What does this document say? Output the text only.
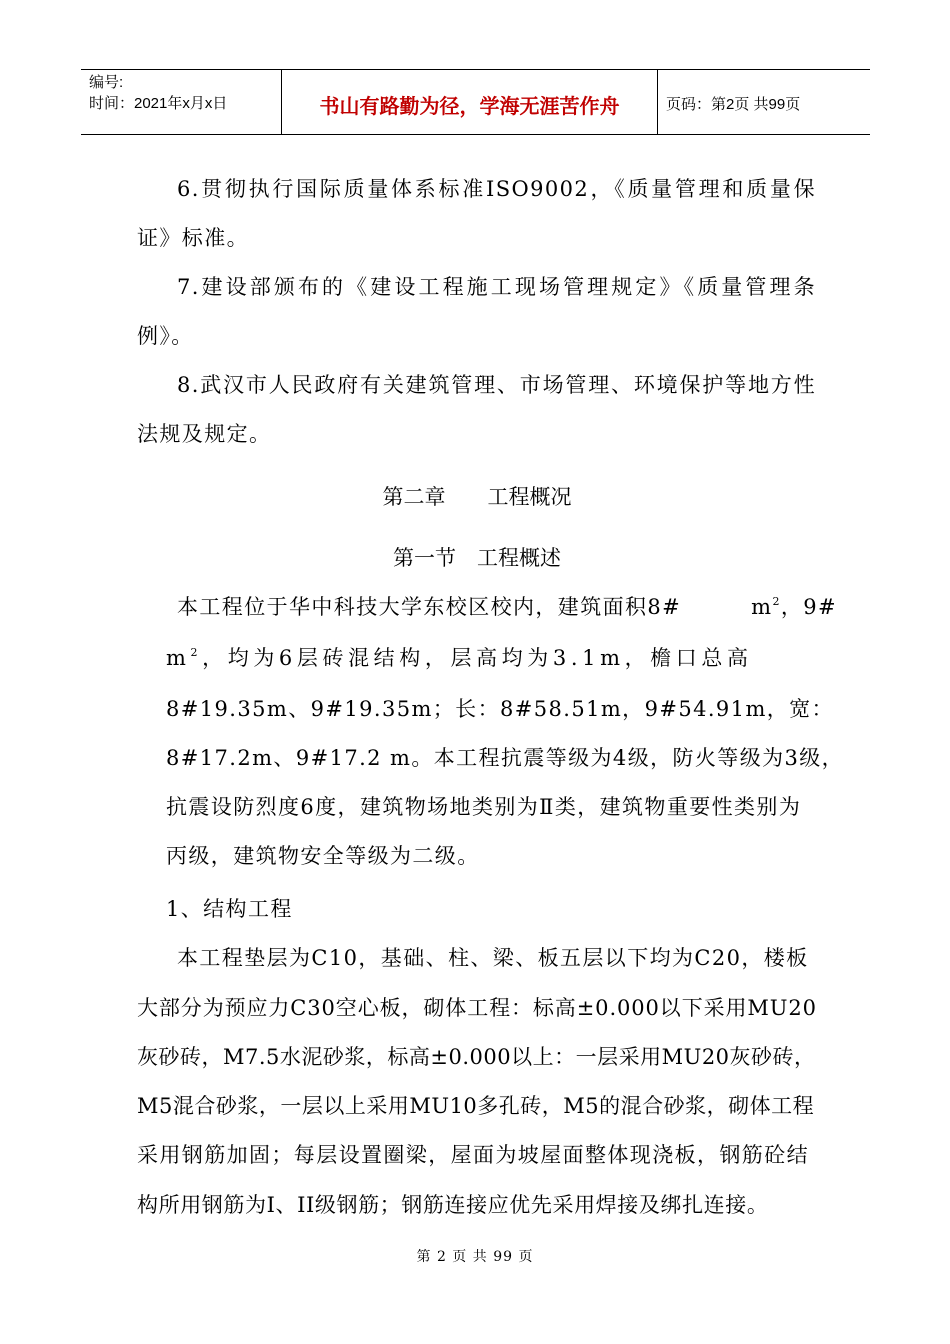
编号:
时间：2021年x月x日	书山有路勤为径，学海无涯苦作舟	页码：第2页 共99页
6.贯彻执行国际质量体系标准ISO9002，《质量管理和质量保
证》标准。
7.建设部颁布的《建设工程施工现场管理规定》《质量管理条
例》。
8.武汉市人民政府有关建筑管理、市场管理、环境保护等地方性
法规及规定。
第二章　　工程概况
第一节　工程概述
本工程位于华中科技大学东校区校内，建筑面积8#	$m^2$，9#
$m^2$，均为6层砖混结构，层高均为3.1m，檐口总高
8#19.35m、9#19.35m；长：8#58.51m，9#54.91m，宽：
8#17.2m、9#17.2 m。本工程抗震等级为4级，防火等级为3级，
抗震设防烈度6度，建筑物场地类别为Ⅱ类，建筑物重要性类别为
丙级，建筑物安全等级为二级。
1、结构工程
本工程垫层为C10，基础、柱、梁、板五层以下均为C20，楼板
大部分为预应力C30空心板，砌体工程：标高±0.000以下采用MU20
灰砂砖，M7.5水泥砂浆，标高±0.000以上：一层采用MU20灰砂砖，
M5混合砂浆，一层以上采用MU10多孔砖，M5的混合砂浆，砌体工程
采用钢筋加固；每层设置圈梁，屋面为坡屋面整体现浇板，钢筋砼结
构所用钢筋为I、II级钢筋；钢筋连接应优先采用焊接及绑扎连接。
第 2 页 共 99 页
